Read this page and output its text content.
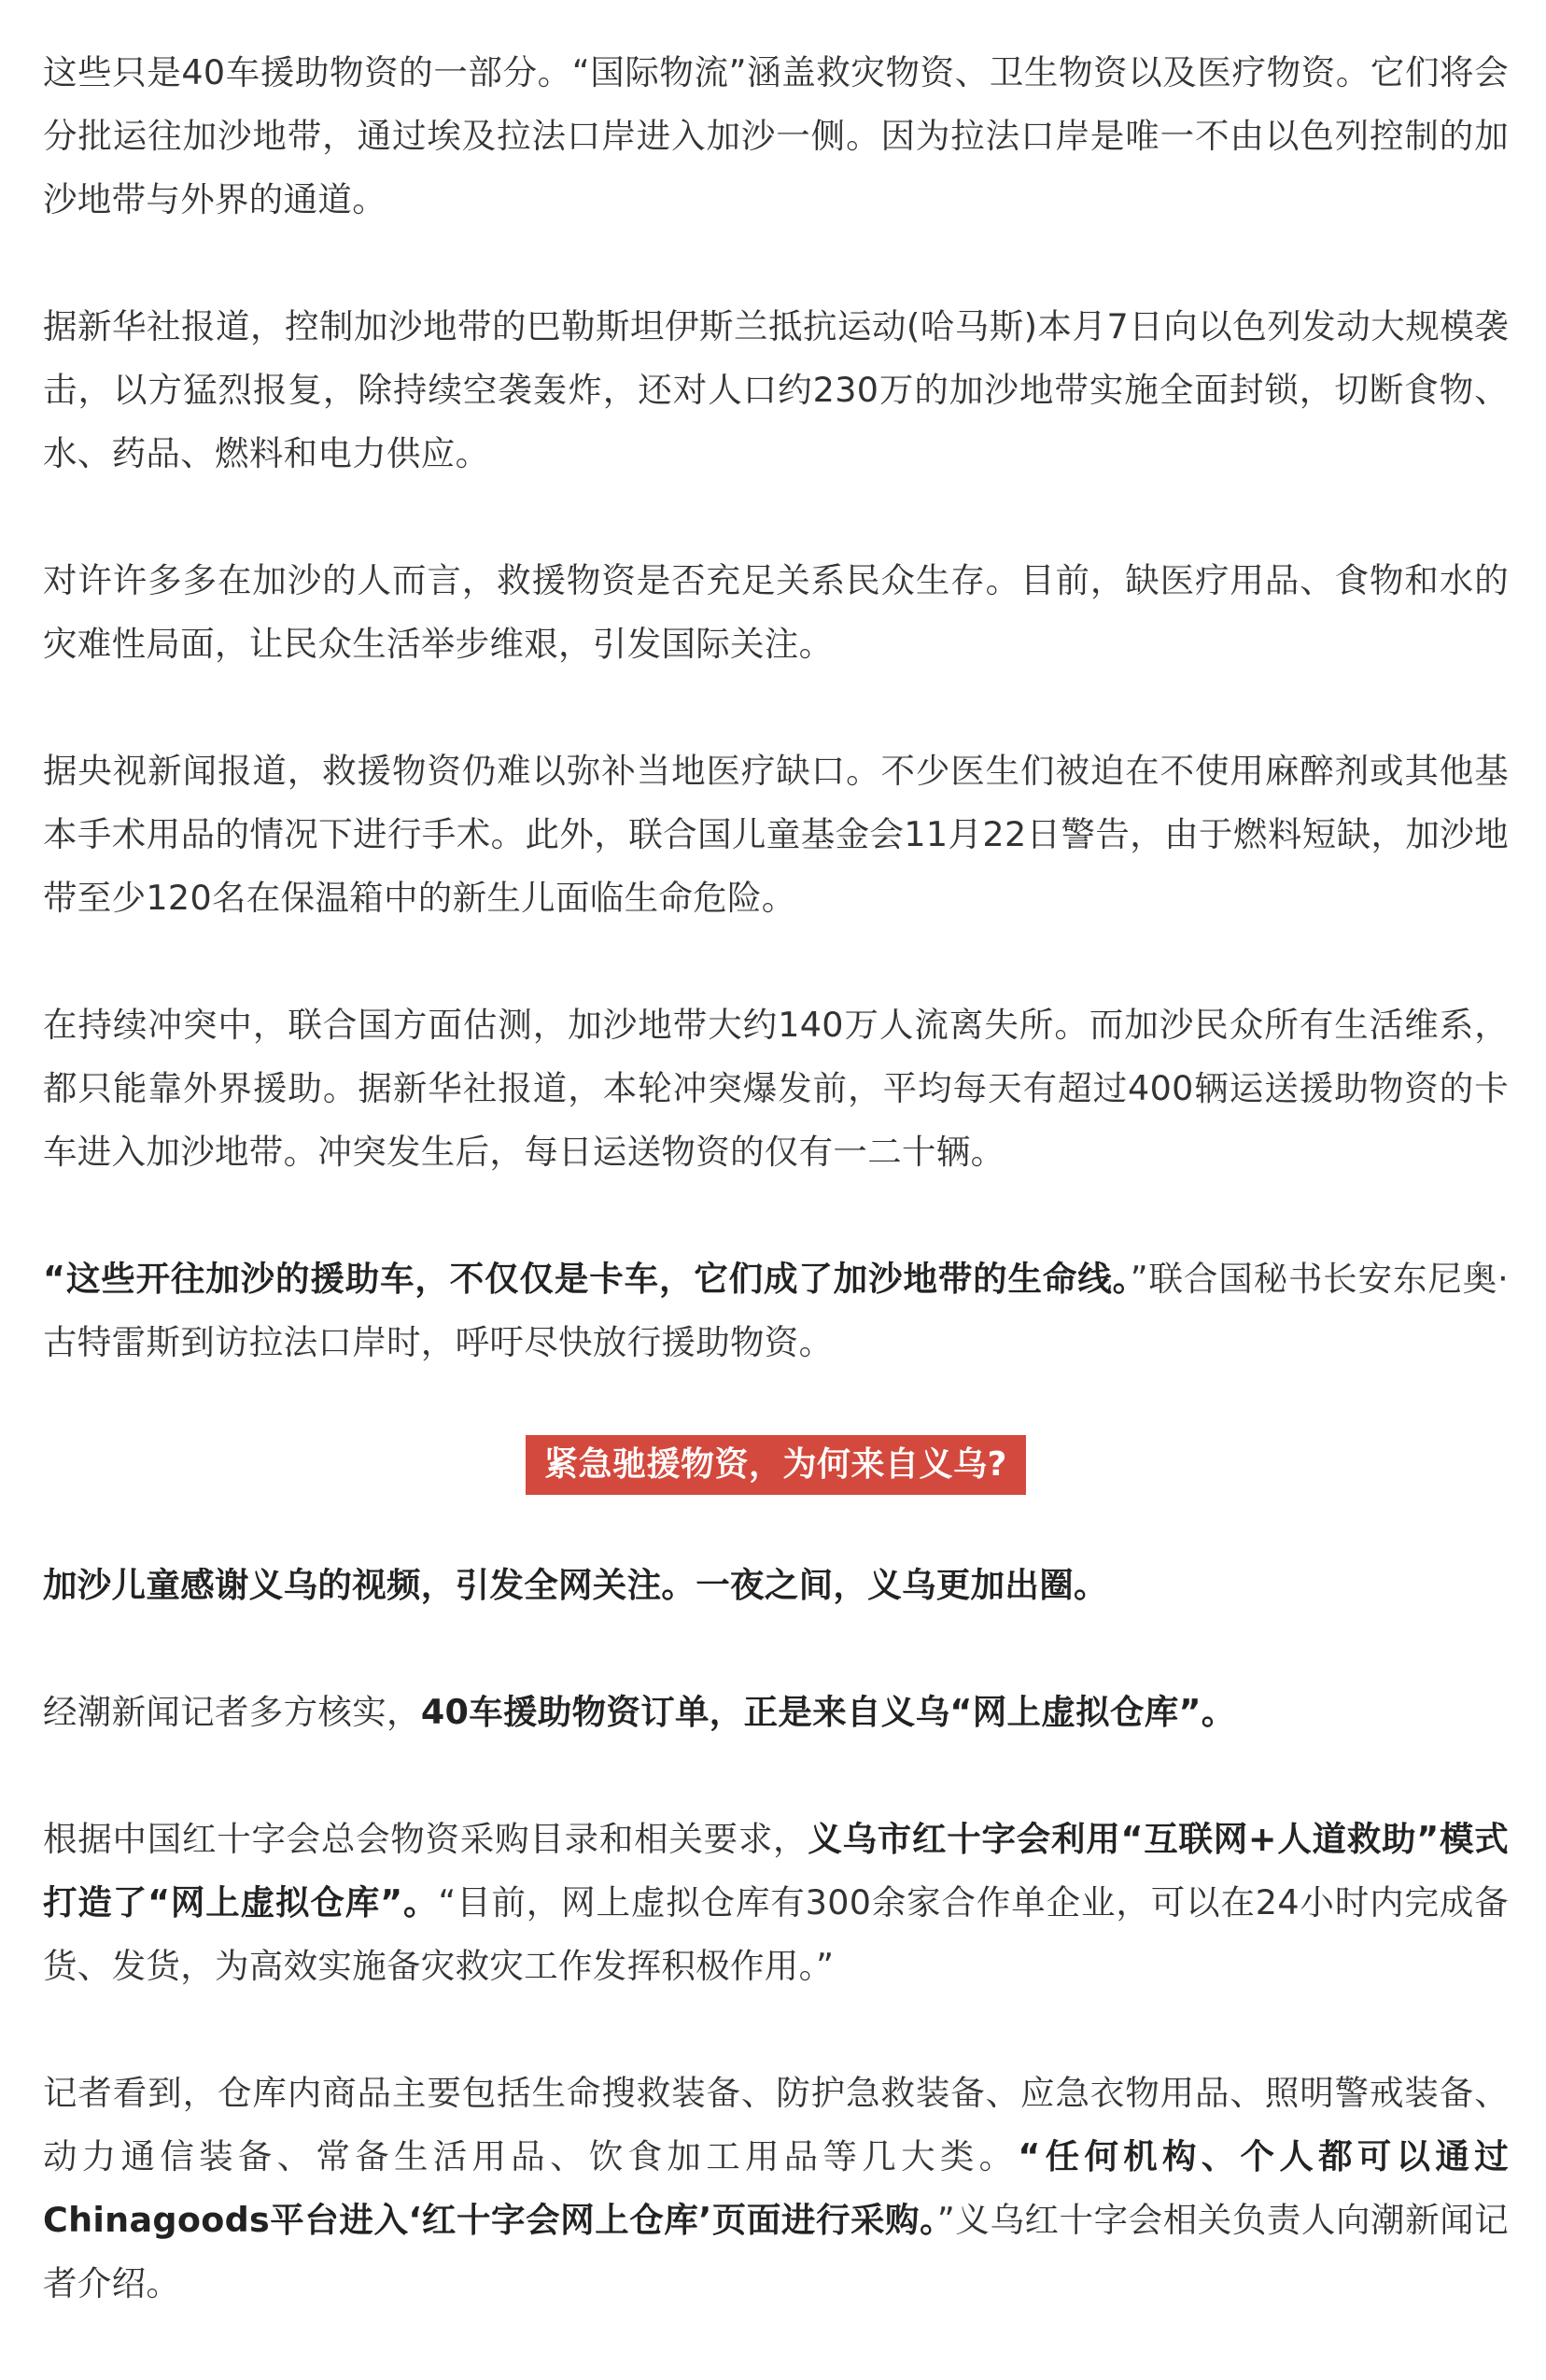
这些只是40车援助物资的一部分。“国际物流”涵盖救灾物资、卫生物资以及医疗物资。它们将会分批运往加沙地带，通过埃及拉法口岸进入加沙一侧。因为拉法口岸是唯一不由以色列控制的加沙地带与外界的通道。

据新华社报道，控制加沙地带的巴勒斯坦伊斯兰抵抗运动(哈马斯)本月7日向以色列发动大规模袭击，以方猛烈报复，除持续空袭轰炸，还对人口约230万的加沙地带实施全面封锁，切断食物、水、药品、燃料和电力供应。

对许许多多在加沙的人而言，救援物资是否充足关系民众生存。目前，缺医疗用品、食物和水的灾难性局面，让民众生活举步维艰，引发国际关注。

据央视新闻报道，救援物资仍难以弥补当地医疗缺口。不少医生们被迫在不使用麻醉剂或其他基本手术用品的情况下进行手术。此外，联合国儿童基金会11月22日警告，由于燃料短缺，加沙地带至少120名在保温箱中的新生儿面临生命危险。

在持续冲突中，联合国方面估测，加沙地带大约140万人流离失所。而加沙民众所有生活维系，都只能靠外界援助。据新华社报道，本轮冲突爆发前，平均每天有超过400辆运送援助物资的卡车进入加沙地带。冲突发生后，每日运送物资的仅有一二十辆。

“这些开往加沙的援助车，不仅仅是卡车，它们成了加沙地带的生命线。”联合国秘书长安东尼奥·古特雷斯到访拉法口岸时，呼吁尽快放行援助物资。

紧急驰援物资，为何来自义乌?

加沙儿童感谢义乌的视频，引发全网关注。一夜之间，义乌更加出圈。

经潮新闻记者多方核实，40车援助物资订单，正是来自义乌“网上虚拟仓库”。

根据中国红十字会总会物资采购目录和相关要求，义乌市红十字会利用“互联网+人道救助”模式打造了“网上虚拟仓库”。“目前，网上虚拟仓库有300余家合作单企业，可以在24小时内完成备货、发货，为高效实施备灾救灾工作发挥积极作用。”

记者看到，仓库内商品主要包括生命搜救装备、防护急救装备、应急衣物用品、照明警戒装备、动力通信装备、常备生活用品、饮食加工用品等几大类。“任何机构、个人都可以通过Chinagoods平台进入‘红十字会网上仓库’页面进行采购。”义乌红十字会相关负责人向潮新闻记者介绍。
